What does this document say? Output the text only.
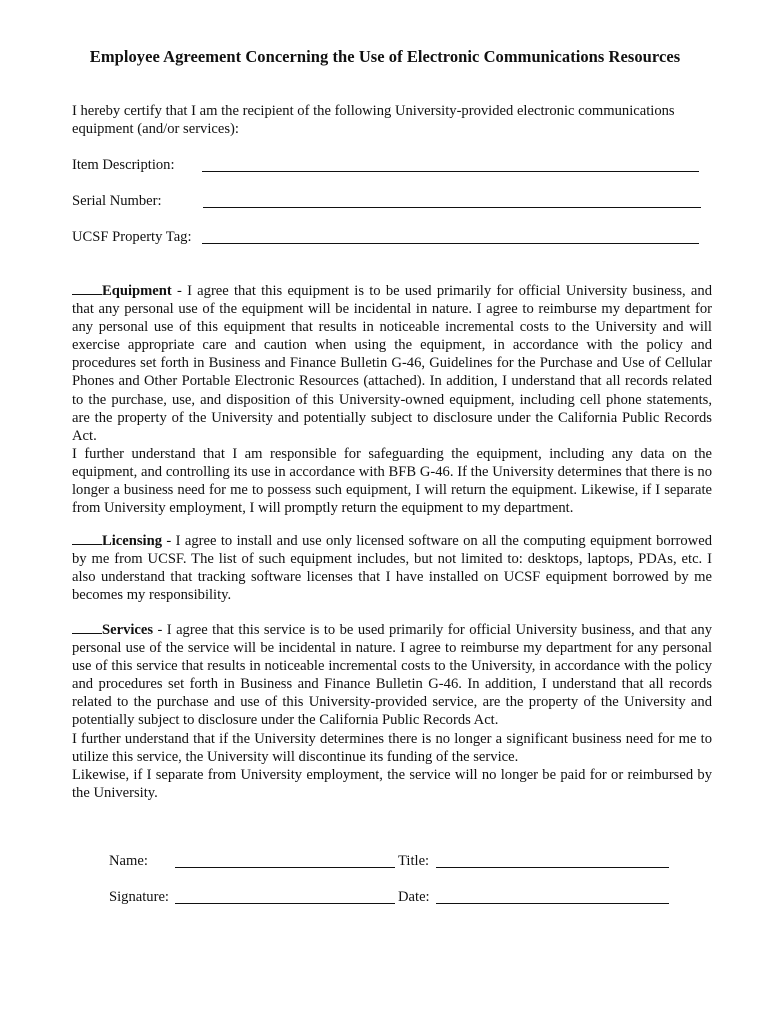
Employee Agreement Concerning the Use of Electronic Communications Resources
I hereby certify that I am the recipient of the following University-provided electronic communications equipment (and/or services):
Item Description:
Serial Number:
UCSF Property Tag:

Equipment - I agree that this equipment is to be used primarily for official University business, and that any personal use of the equipment will be incidental in nature. I agree to reimburse my department for any personal use of this equipment that results in noticeable incremental costs to the University and will exercise appropriate care and caution when using the equipment, in accordance with the policy and procedures set forth in Business and Finance Bulletin G-46, Guidelines for the Purchase and Use of Cellular Phones and Other Portable Electronic Resources (attached). In addition, I understand that all records related to the purchase, use, and disposition of this University-owned equipment, including cell phone statements, are the property of the University and potentially subject to disclosure under the California Public Records Act.

I further understand that I am responsible for safeguarding the equipment, including any data on the equipment, and controlling its use in accordance with BFB G-46. If the University determines that there is no longer a business need for me to possess such equipment, I will return the equipment. Likewise, if I separate from University employment, I will promptly return the equipment to my department.

Licensing - I agree to install and use only licensed software on all the computing equipment borrowed by me from UCSF. The list of such equipment includes, but not limited to: desktops, laptops, PDAs, etc. I also understand that tracking software licenses that I have installed on UCSF equipment borrowed by me becomes my responsibility.

Services - I agree that this service is to be used primarily for official University business, and that any personal use of the service will be incidental in nature. I agree to reimburse my department for any personal use of this service that results in noticeable incremental costs to the University, in accordance with the policy and procedures set forth in Business and Finance Bulletin G-46. In addition, I understand that all records related to the purchase and use of this University-provided service, are the property of the University and potentially subject to disclosure under the California Public Records Act.

I further understand that if the University determines there is no longer a significant business need for me to utilize this service, the University will discontinue its funding of the service.

Likewise, if I separate from University employment, the service will no longer be paid for or reimbursed by the University.

Name:	Title:
Signature:	Date:
